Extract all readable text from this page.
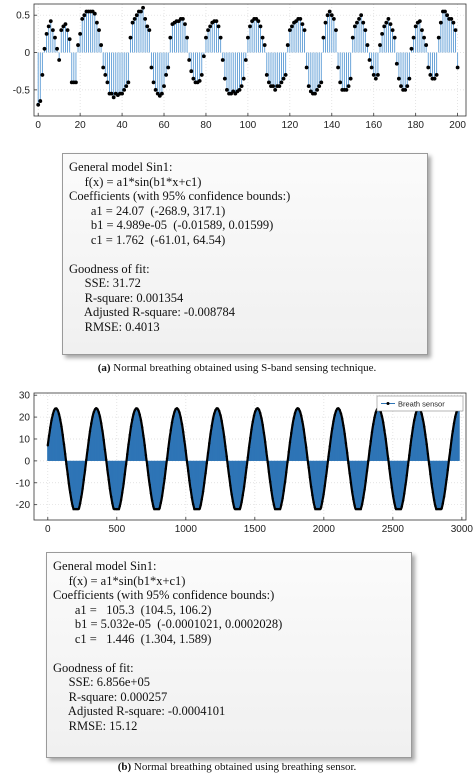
0	20	40	60	80	100	120	140	160	180	200
-0.5
0
0.5
General model Sin1:
f(x) = a1*sin(b1*x+c1)
Coefficients (with 95% confidence bounds:)
a1 = 24.07  (-268.9, 317.1)
b1 = 4.989e-05  (-0.01589, 0.01599)
c1 = 1.762  (-61.01, 64.54)
Goodness of fit:
SSE: 31.72
R-square: 0.001354
Adjusted R-square: -0.008784
RMSE: 0.4013
(a) Normal breathing obtained using S-band sensing technique.
Breath sensor
0	500	1000	1500	2000	2500	3000
-20
-10
0
10
20
30
General model Sin1:
f(x) = a1*sin(b1*x+c1)
Coefficients (with 95% confidence bounds:)
a1 =   105.3  (104.5, 106.2)
b1 = 5.032e-05  (-0.0001021, 0.0002028)
c1 =   1.446  (1.304, 1.589)
Goodness of fit:
SSE: 6.856e+05
R-square: 0.000257
Adjusted R-square: -0.0004101
RMSE: 15.12
(b) Normal breathing obtained using breathing sensor.
